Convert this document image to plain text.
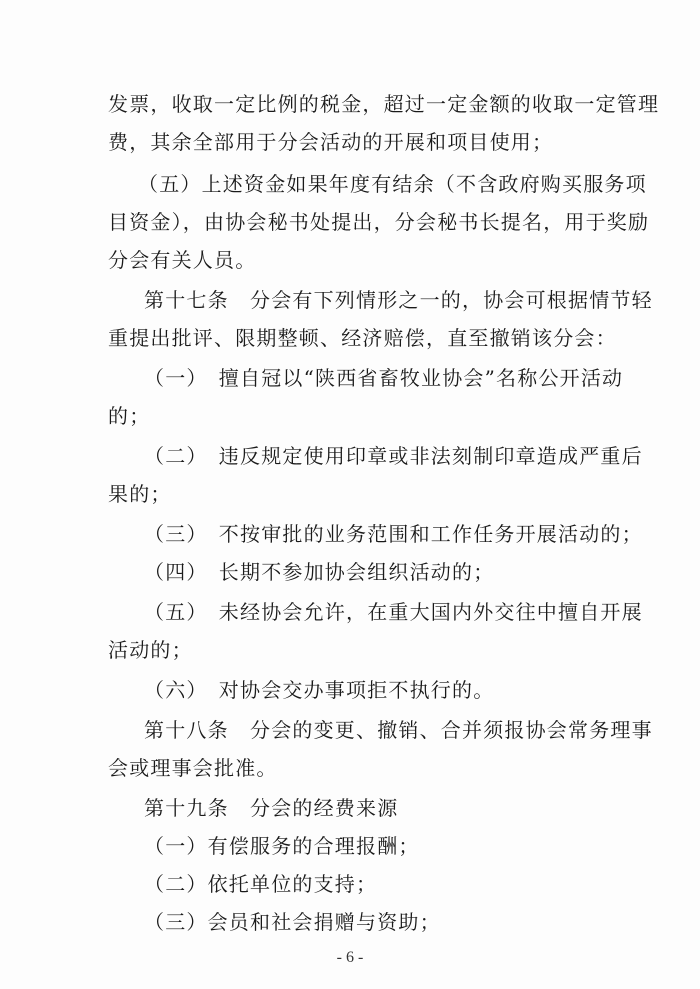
发票，收取一定比例的税金，超过一定金额的收取一定管理
费，其余全部用于分会活动的开展和项目使用；
（五）上述资金如果年度有结余（不含政府购买服务项
目资金），由协会秘书处提出，分会秘书长提名，用于奖励
分会有关人员。
第十七条　分会有下列情形之一的，协会可根据情节轻
重提出批评、限期整顿、经济赔偿，直至撤销该分会：
（一）　擅自冠以“陕西省畜牧业协会”名称公开活动
的；
（二）　违反规定使用印章或非法刻制印章造成严重后
果的；
（三）　不按审批的业务范围和工作任务开展活动的；
（四）　长期不参加协会组织活动的；
（五）　未经协会允许，在重大国内外交往中擅自开展
活动的；
（六）　对协会交办事项拒不执行的。
第十八条　分会的变更、撤销、合并须报协会常务理事
会或理事会批准。
第十九条　分会的经费来源
（一）有偿服务的合理报酬；
（二）依托单位的支持；
（三）会员和社会捐赠与资助；
- 6 -
